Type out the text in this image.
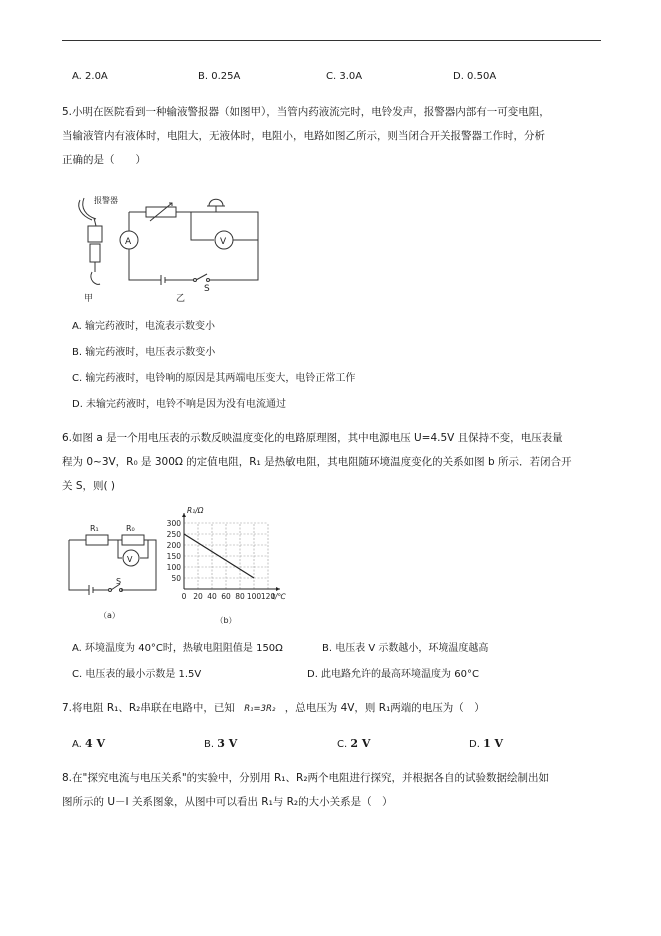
A. 2.0A	B. 0.25A	C. 3.0A	D. 0.50A

5.小明在医院看到一种输液警报器（如图甲），当管内药液流完时，电铃发声，报警器内部有一可变电阻，

当输液管内有液体时，电阻大，无液体时，电阻小，电路如图乙所示，则当闭合开关报警器工作时，分析

正确的是（　　）

报警器
甲
A	V
S
乙
A. 输完药液时，电流表示数变小
B. 输完药液时，电压表示数变小
C. 输完药液时，电铃响的原因是其两端电压变大，电铃正常工作
D. 未输完药液时，电铃不响是因为没有电流通过

6.如图 a 是一个用电压表的示数反映温度变化的电路原理图，其中电源电压 U=4.5V 且保持不变，电压表量

程为 0~3V，R₀ 是 300Ω 的定值电阻，R₁ 是热敏电阻，其电阻随环境温度变化的关系如图 b 所示．若闭合开

关 S，则( )

R₁	R₀
V
S
（a）
50
100
150
200
250
300
0 20 40 60 80 100 120
R₁/Ω
t/℃
（b）
A. 环境温度为 40°C时，热敏电阻阻值是 150Ω	B. 电压表 V 示数越小，环境温度越高
C. 电压表的最小示数是 1.5V	D. 此电路允许的最高环境温度为 60°C
7.将电阻 R₁、R₂串联在电路中，已知 R₁=3R₂ ，总电压为 4V，则 R₁两端的电压为（　）
A. 4 V	B. 3 V	C. 2 V	D. 1 V

8.在"探究电流与电压关系"的实验中，分别用 R₁、R₂两个电阻进行探究，并根据各自的试验数据绘制出如

图所示的 U－I 关系图象，从图中可以看出 R₁与 R₂的大小关系是（　）
